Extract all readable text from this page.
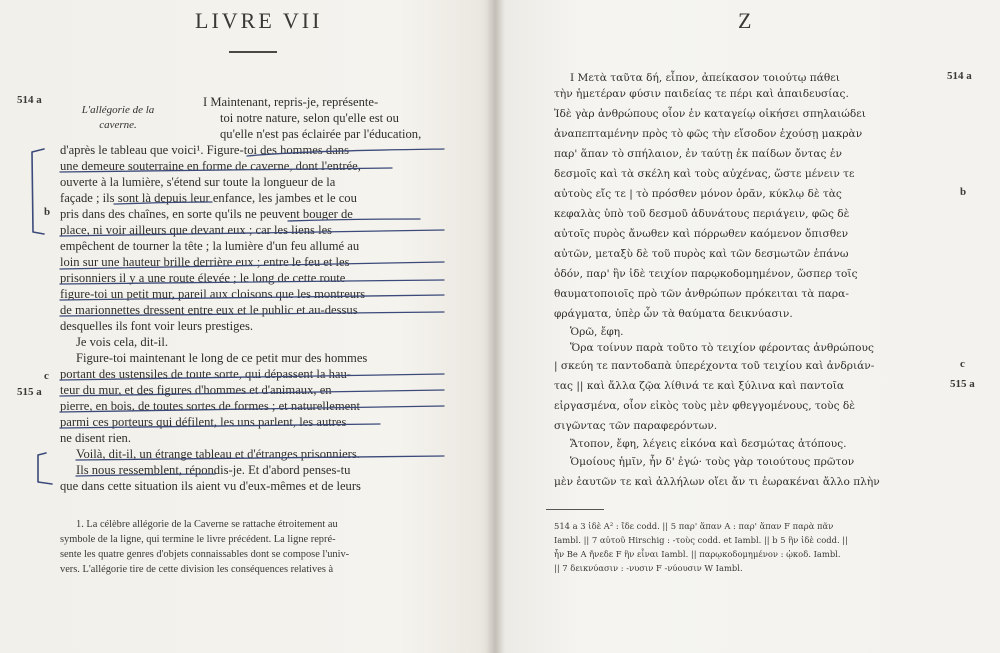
LIVRE VII
514 a
b
c
515 a
L'allégorie de la
caverne.
I Maintenant, repris-je, représente-
toi notre nature, selon qu'elle est ou
qu'elle n'est pas éclairée par l'éducation,
d'après le tableau que voici¹. Figure-toi des hommes dans
une demeure souterraine en forme de caverne, dont l'entrée,
ouverte à la lumière, s'étend sur toute la longueur de la
façade ; ils sont là depuis leur enfance, les jambes et le cou
pris dans des chaînes, en sorte qu'ils ne peuvent bouger de
place, ni voir ailleurs que devant eux ; car les liens les
empêchent de tourner la tête ; la lumière d'un feu allumé au
loin sur une hauteur brille derrière eux ; entre le feu et les
prisonniers il y a une route élevée ; le long de cette route
figure-toi un petit mur, pareil aux cloisons que les montreurs
de marionnettes dressent entre eux et le public et au-dessus
desquelles ils font voir leurs prestiges.
Je vois cela, dit-il.
Figure-toi maintenant le long de ce petit mur des hommes
portant des ustensiles de toute sorte, qui dépassent la hau-
teur du mur, et des figures d'hommes et d'animaux, en
pierre, en bois, de toutes sortes de formes ; et naturellement
parmi ces porteurs qui défilent, les uns parlent, les autres
ne disent rien.
Voilà, dit-il, un étrange tableau et d'étranges prisonniers.
Ils nous ressemblent, répondis-je. Et d'abord penses-tu
que dans cette situation ils aient vu d'eux-mêmes et de leurs
1. La célèbre allégorie de la Caverne se rattache étroitement au
symbole de la ligne, qui termine le livre précédent. La ligne repré-
sente les quatre genres d'objets connaissables dont se compose l'univ-
vers. L'allégorie tire de cette division les conséquences relatives à
Z
I Μετὰ ταῦτα δή, εἶπον, ἀπείκασον τοιούτῳ πάθει
τὴν ἡμετέραν φύσιν παιδείας τε πέρι καὶ ἀπαιδευσίας.
Ἰδὲ γὰρ ἀνθρώπους οἷον ἐν καταγείῳ οἰκήσει σπηλαιώδει
ἀναπεπταμένην πρὸς τὸ φῶς τὴν εἴσοδον ἐχούσῃ μακρὰν
παρ' ἅπαν τὸ σπήλαιον, ἐν ταύτῃ ἐκ παίδων ὄντας ἐν
δεσμοῖς καὶ τὰ σκέλη καὶ τοὺς αὐχένας, ὥστε μένειν τε
αὐτοὺς εἴς τε | τὸ πρόσθεν μόνον ὁρᾶν, κύκλῳ δὲ τὰς
κεφαλὰς ὑπὸ τοῦ δεσμοῦ ἀδυνάτους περιάγειν, φῶς δὲ
αὐτοῖς πυρὸς ἄνωθεν καὶ πόρρωθεν καόμενον ὄπισθεν
αὐτῶν, μεταξὺ δὲ τοῦ πυρὸς καὶ τῶν δεσμωτῶν ἐπάνω
ὁδόν, παρ' ἣν ἰδὲ τειχίον παρῳκοδομημένον, ὥσπερ τοῖς
θαυματοποιοῖς πρὸ τῶν ἀνθρώπων πρόκειται τὰ παρα-
φράγματα, ὑπὲρ ὧν τὰ θαύματα δεικνύασιν.
Ὁρῶ, ἔφη.
Ὅρα τοίνυν παρὰ τοῦτο τὸ τειχίον φέροντας ἀνθρώπους
| σκεύη τε παντοδαπὰ ὑπερέχοντα τοῦ τειχίου καὶ ἀνδριάν-
τας || καὶ ἄλλα ζῷα λίθινά τε καὶ ξύλινα καὶ παντοῖα
εἰργασμένα, οἷον εἰκὸς τοὺς μὲν φθεγγομένους, τοὺς δὲ
σιγῶντας τῶν παραφερόντων.
Ἄτοπον, ἔφη, λέγεις εἰκόνα καὶ δεσμώτας ἀτόπους.
Ὁμοίους ἡμῖν, ἦν δ' ἐγώ· τοὺς γὰρ τοιούτους πρῶτον
μὲν ἑαυτῶν τε καὶ ἀλλήλων οἴει ἄν τι ἑωρακέναι ἄλλο πλὴν
514 a 3 ἰδὲ A² : ἴδε codd. || 5 παρ' ἅπαν A : παρ' ἅπαν F παρὰ πᾶν
Iambl. || 7 αὐτοῦ Hirschig : -τοὺς codd. et Iambl. || b 5 ἣν ἰδὲ codd. ||
ἦν Be A ἤνεδε F ἣν εἶναι Iambl. || παρῳκοδομημένον : ᾠκοδ. Iambl.
|| 7 δεικνύασιν : -νυσιν F -νύουσιν W Iambl.
514 a
b
c
515 a
